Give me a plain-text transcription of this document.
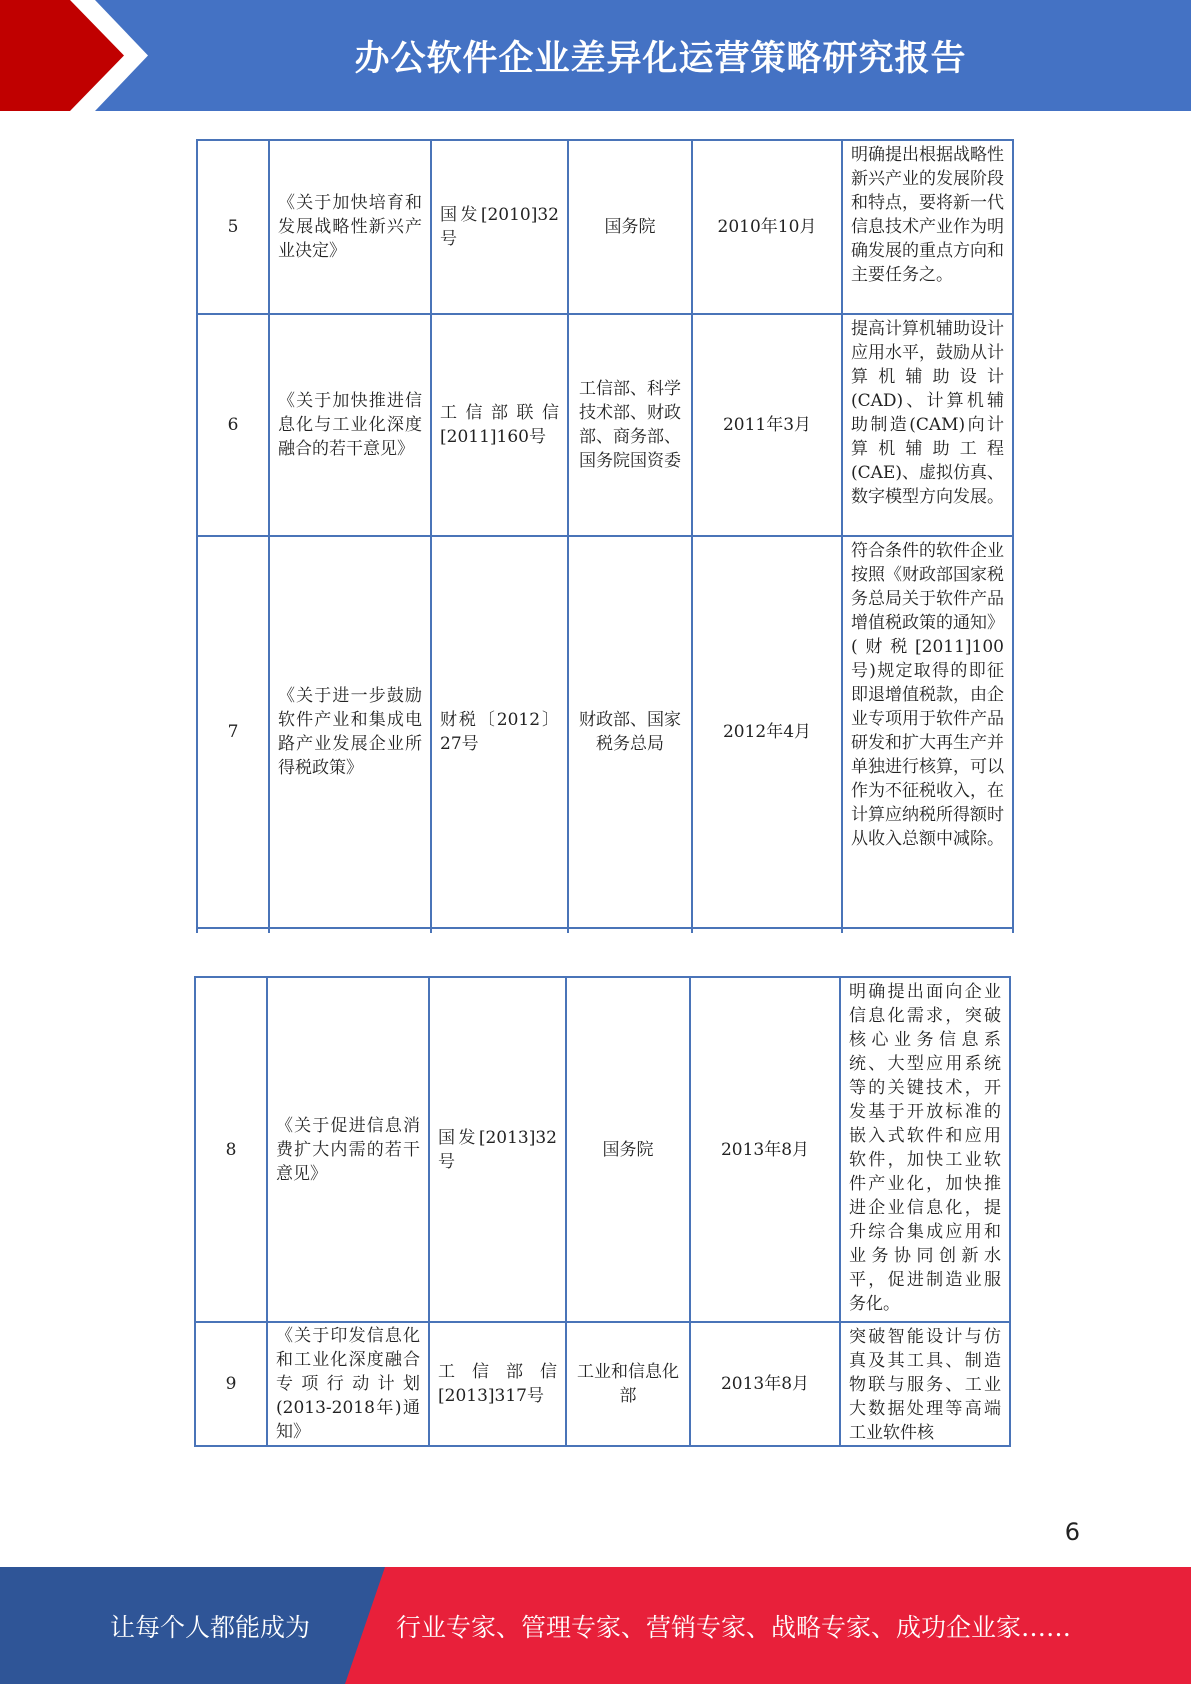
办公软件企业差异化运营策略研究报告
5	《关于加快培育和发展战略性新兴产业决定》	国发[2010]32号	国务院	2010年10月	明确提出根据战略性新兴产业的发展阶段和特点，要将新一代信息技术产业作为明确发展的重点方向和主要任务之。
6	《关于加快推进信息化与工业化深度融合的若干意见》	工信部联信[2011]160号	工信部、科学技术部、财政部、商务部、国务院国资委	2011年3月	提高计算机辅助设计应用水平，鼓励从计算机辅助设计(CAD)、计算机辅助制造(CAM)向计算机辅助工程(CAE)、虚拟仿真、数字模型方向发展。
7	《关于进一步鼓励软件产业和集成电路产业发展企业所得税政策》	财税〔2012〕27号	财政部、国家税务总局	2012年4月	符合条件的软件企业按照《财政部国家税务总局关于软件产品增值税政策的通知》(财税[2011]100号)规定取得的即征即退增值税款，由企业专项用于软件产品研发和扩大再生产并单独进行核算，可以作为不征税收入，在计算应纳税所得额时从收入总额中减除。

8	《关于促进信息消费扩大内需的若干意见》	国发[2013]32号	国务院	2013年8月	明确提出面向企业信息化需求，突破核心业务信息系统、大型应用系统等的关键技术，开发基于开放标准的嵌入式软件和应用软件，加快工业软件产业化，加快推进企业信息化，提升综合集成应用和业务协同创新水平，促进制造业服务化。
9	《关于印发信息化和工业化深度融合专项行动计划(2013-2018年)通知》	工信部信[2013]317号	工业和信息化部	2013年8月	突破智能设计与仿真及其工具、制造物联与服务、工业大数据处理等高端工业软件核
6
让每个人都能成为	行业专家、管理专家、营销专家、战略专家、成功企业家……
